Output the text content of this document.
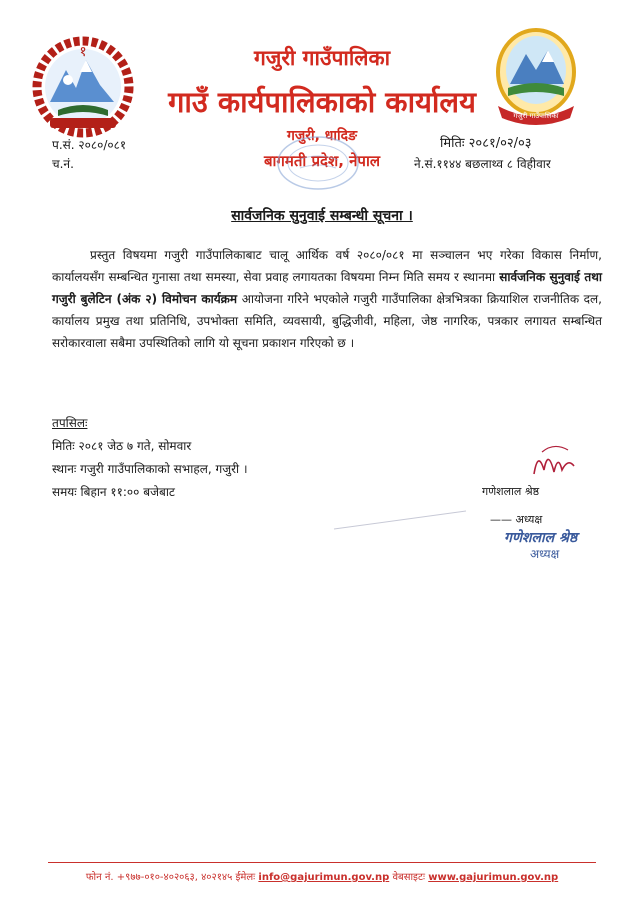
१
गजुरी गाउँपालिका
गजुरी गाउँपालिका
गाउँ कार्यपालिकाको कार्यालय
गजुरी, धादिङ
बागमती प्रदेश, नेपाल
प.सं. २०८०/०८१
च.नं.
मितिः २०८१/०२/०३
ने.सं.११४४ बछलाथ्व ८ विहीवार
सार्वजनिक सुनुवाई सम्बन्धी सूचना ।
प्रस्तुत विषयमा गजुरी गाउँपालिकाबाट चालू आर्थिक वर्ष २०८०/०८१ मा सञ्चालन भए गरेका विकास निर्माण, कार्यालयसँग सम्बन्धित गुनासा तथा समस्या, सेवा प्रवाह लगायतका विषयमा निम्न मिति समय र स्थानमा सार्वजनिक सुनुवाई तथा गजुरी बुलेटिन (अंक २) विमोचन कार्यक्रम आयोजना गरिने भएकोले गजुरी गाउँपालिका क्षेत्रभित्रका क्रियाशिल राजनीतिक दल, कार्यालय प्रमुख तथा प्रतिनिधि, उपभोक्ता समिति, व्यवसायी, बुद्धिजीवी, महिला, जेष्ठ नागरिक, पत्रकार लगायत सम्बन्धित सरोकारवाला सबैमा उपस्थितिको लागि यो सूचना प्रकाशन गरिएको छ ।
तपसिलः
मितिः २०८१ जेठ ७ गते, सोमवार
स्थानः गजुरी गाउँपालिकाको सभाहल, गजुरी ।
समयः बिहान ११:०० बजेबाट	गणेशलाल श्रेष्ठ
—— अध्यक्ष
गणेशलाल श्रेष्ठ
अध्यक्ष
फोन नं. +९७७-०१०-४०२०६३, ४०२१४५ ईमेलः info@gajurimun.gov.np वेबसाइटः www.gajurimun.gov.np
